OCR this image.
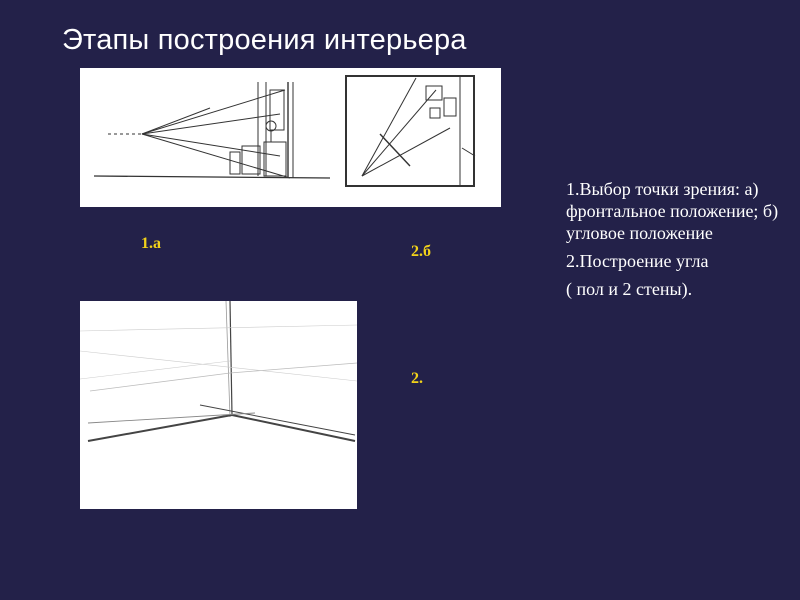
Этапы построения интерьера
1.а	2.б
2.

1.Выбор точки зрения: а) фронтальное положение; б) угловое положение

2.Построение угла

( пол и 2 стены).
